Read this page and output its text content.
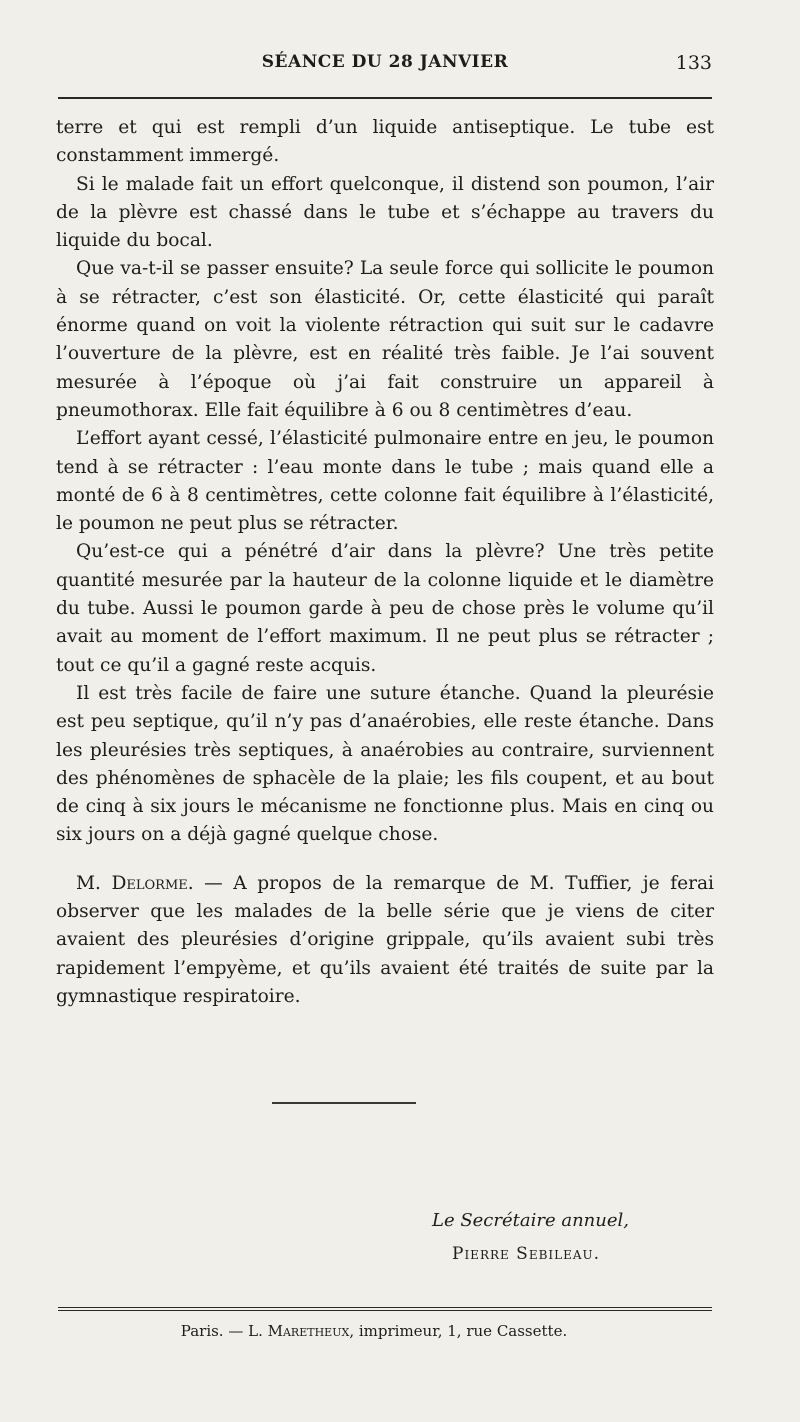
SÉANCE DU 28 JANVIER	133

terre et qui est rempli d’un liquide antiseptique. Le tube est constamment immergé.

Si le malade fait un effort quelconque, il distend son poumon, l’air de la plèvre est chassé dans le tube et s’échappe au travers du liquide du bocal.

Que va-t-il se passer ensuite? La seule force qui sollicite le poumon à se rétracter, c’est son élasticité. Or, cette élasticité qui paraît énorme quand on voit la violente rétraction qui suit sur le cadavre l’ouverture de la plèvre, est en réalité très faible. Je l’ai souvent mesurée à l’époque où j’ai fait construire un appareil à pneumothorax. Elle fait équilibre à 6 ou 8 centimètres d’eau.

L’effort ayant cessé, l’élasticité pulmonaire entre en jeu, le poumon tend à se rétracter : l’eau monte dans le tube ; mais quand elle a monté de 6 à 8 centimètres, cette colonne fait équilibre à l’élasticité, le poumon ne peut plus se rétracter.

Qu’est-ce qui a pénétré d’air dans la plèvre? Une très petite quantité mesurée par la hauteur de la colonne liquide et le diamètre du tube. Aussi le poumon garde à peu de chose près le volume qu’il avait au moment de l’effort maximum. Il ne peut plus se rétracter ; tout ce qu’il a gagné reste acquis.

Il est très facile de faire une suture étanche. Quand la pleurésie est peu septique, qu’il n’y pas d’anaérobies, elle reste étanche. Dans les pleurésies très septiques, à anaérobies au contraire, surviennent des phénomènes de sphacèle de la plaie; les fils coupent, et au bout de cinq à six jours le mécanisme ne fonctionne plus. Mais en cinq ou six jours on a déjà gagné quelque chose.

M. Delorme. — A propos de la remarque de M. Tuffier, je ferai observer que les malades de la belle série que je viens de citer avaient des pleurésies d’origine grippale, qu’ils avaient subi très rapidement l’empyème, et qu’ils avaient été traités de suite par la gymnastique respiratoire.

Le Secrétaire annuel,
Pierre Sebileau.
Paris. — L. Maretheux, imprimeur, 1, rue Cassette.
